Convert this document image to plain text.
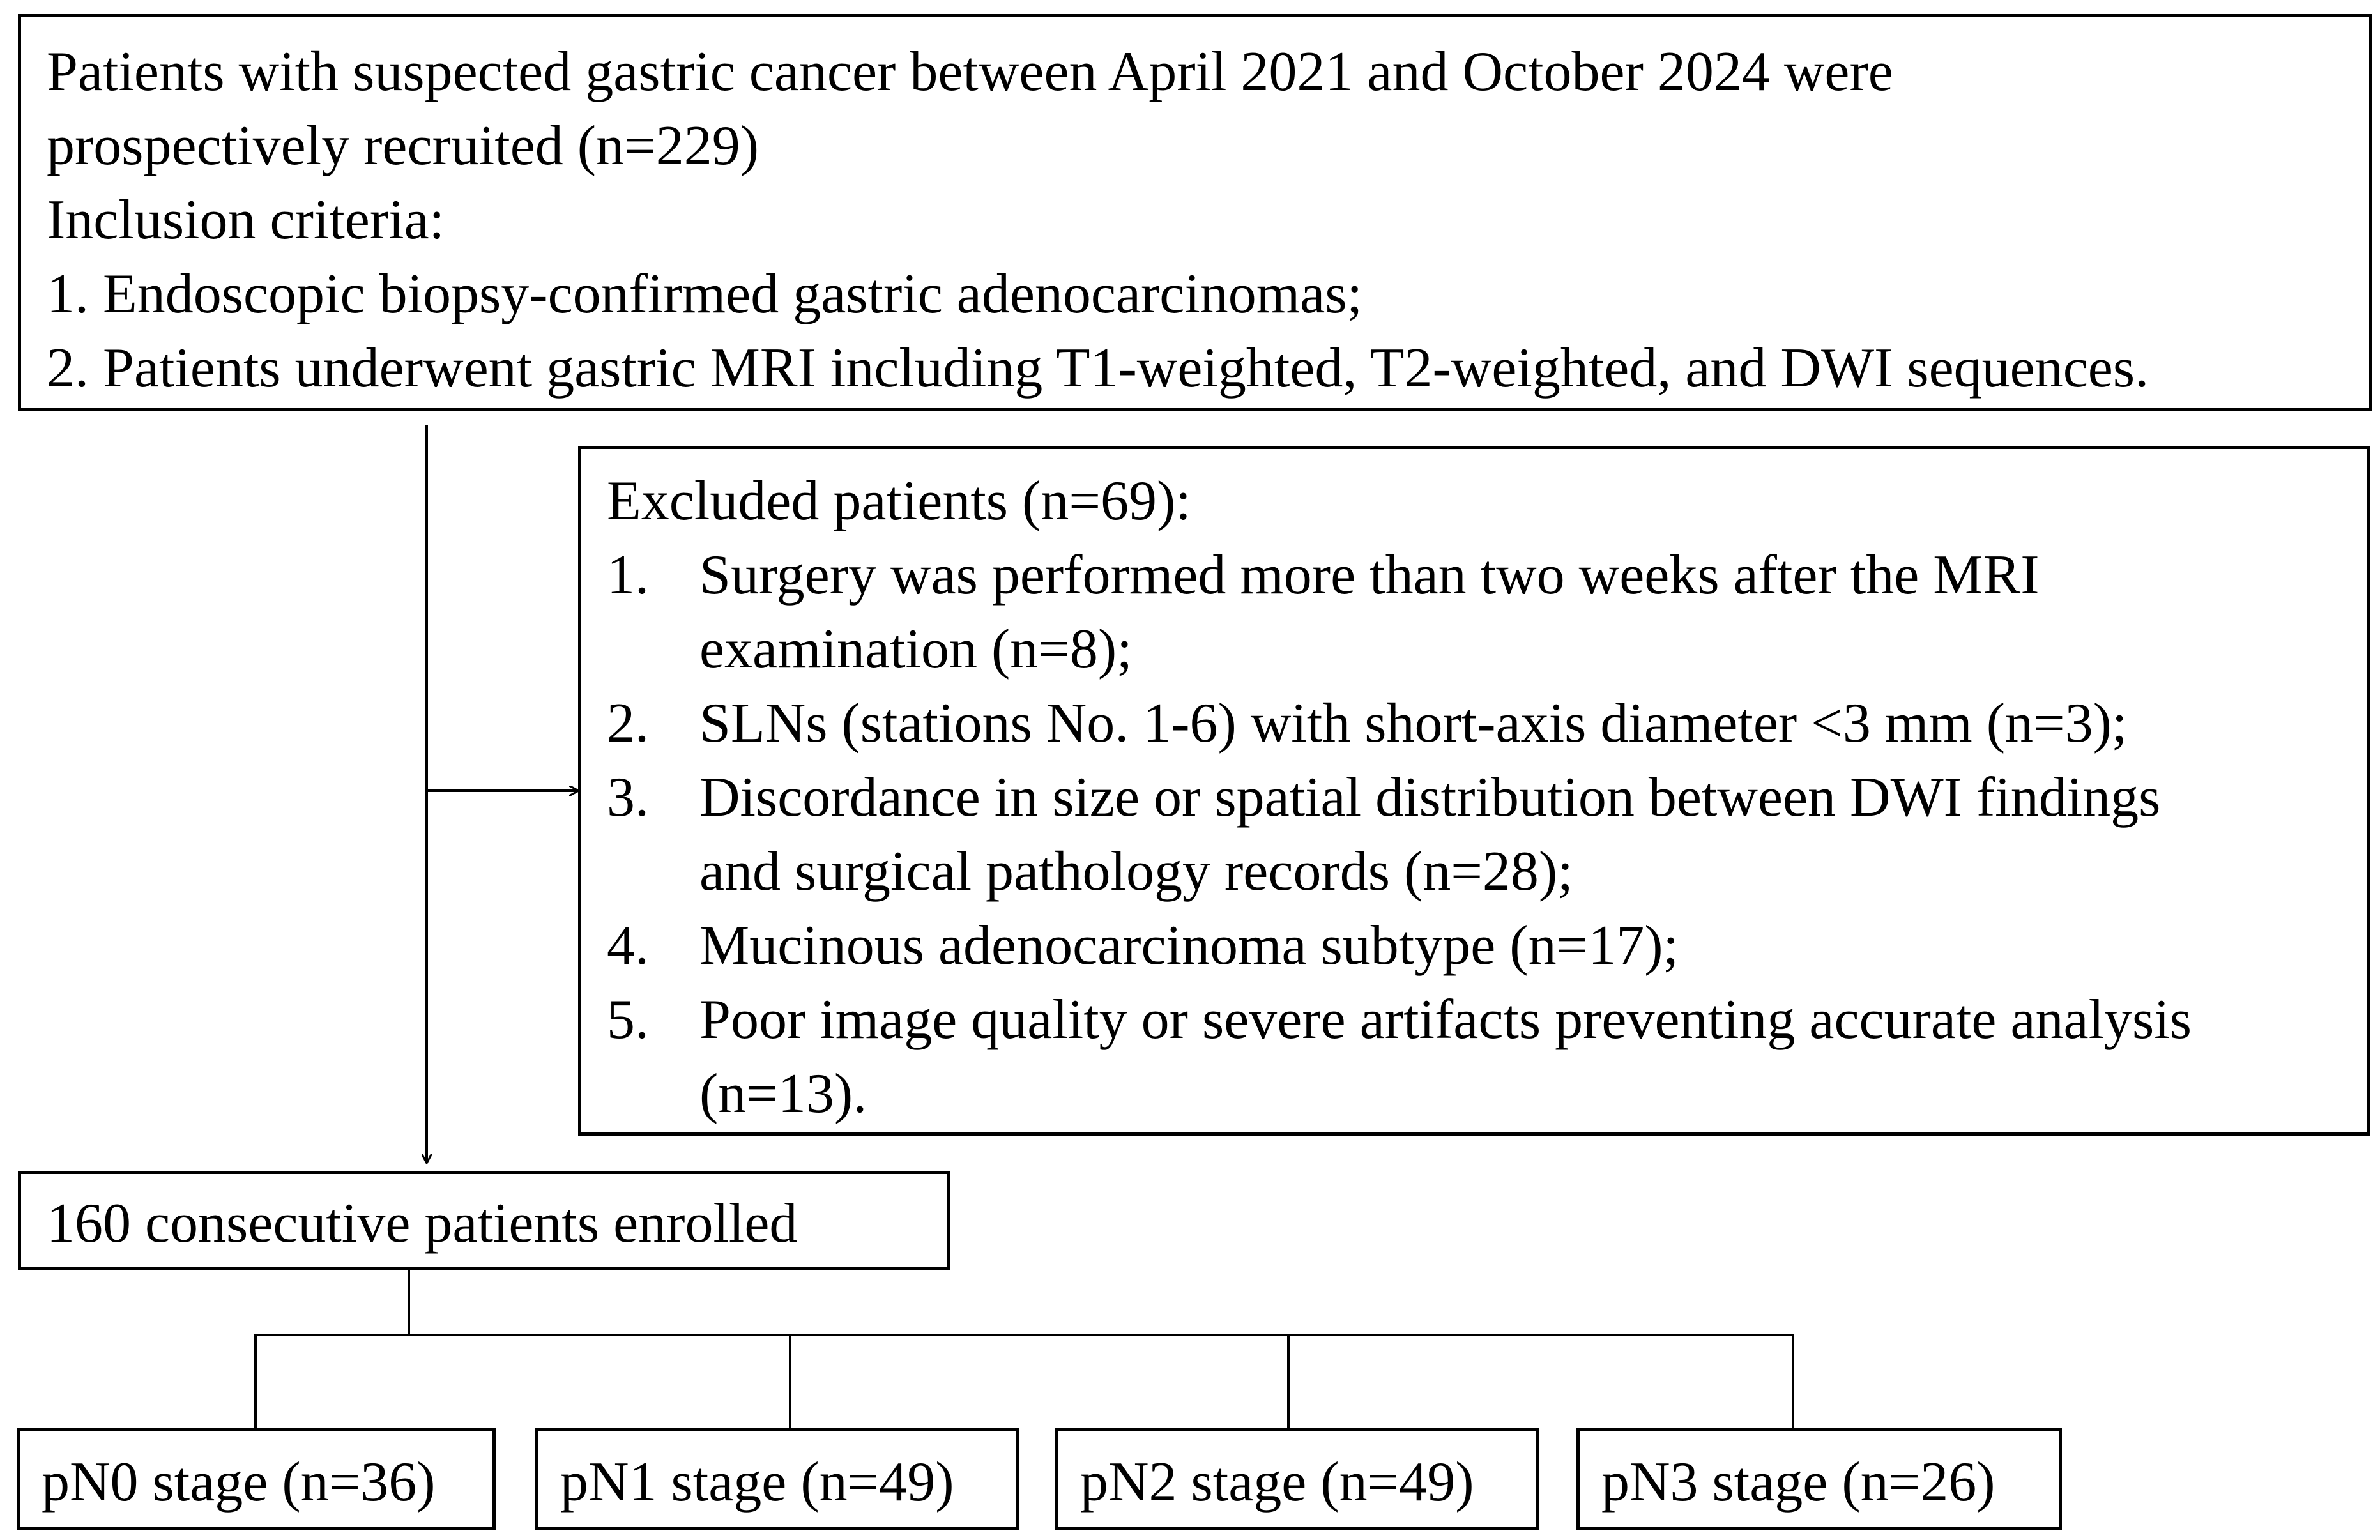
Patients with suspected gastric cancer between April 2021 and October 2024 were
prospectively recruited (n=229)
Inclusion criteria:
1. Endoscopic biopsy-confirmed gastric adenocarcinomas;
2. Patients underwent gastric MRI including T1-weighted, T2-weighted, and DWI sequences.
Excluded patients (n=69):
1. Surgery was performed more than two weeks after the MRI
examination (n=8);
2. SLNs (stations No. 1-6) with short-axis diameter <3 mm (n=3);
3. Discordance in size or spatial distribution between DWI findings
and surgical pathology records (n=28);
4. Mucinous adenocarcinoma subtype (n=17);
5. Poor image quality or severe artifacts preventing accurate analysis
(n=13).
160 consecutive patients enrolled
pN0 stage (n=36) pN1 stage (n=49) pN2 stage (n=49) pN3 stage (n=26)
